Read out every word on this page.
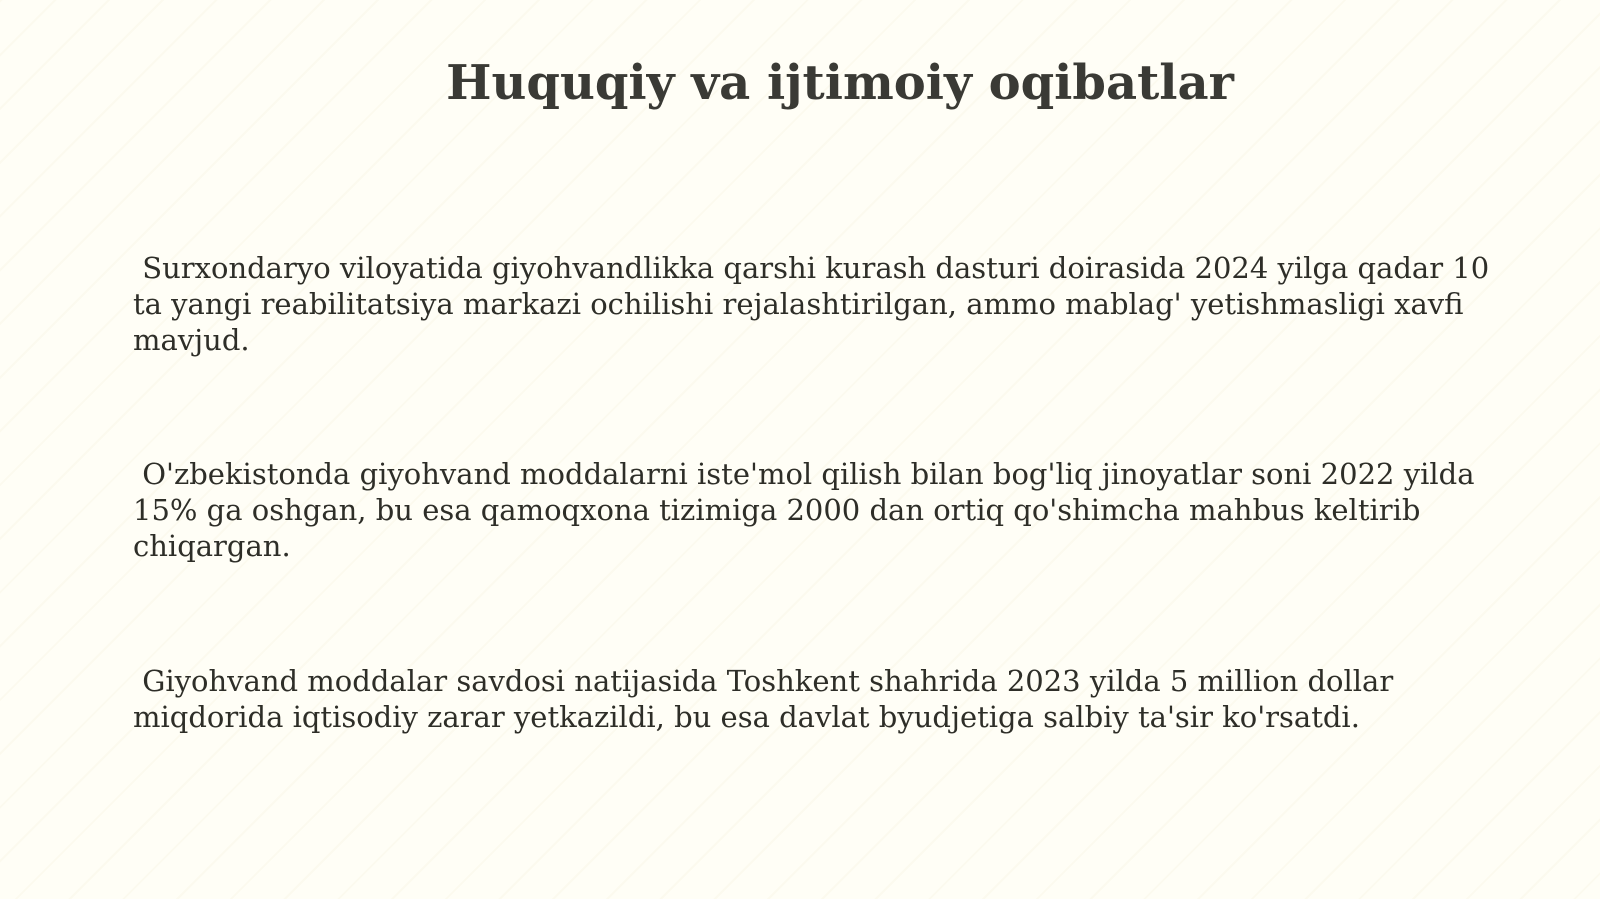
Huquqiy va ijtimoiy oqibatlar

Surxondaryo viloyatida giyohvandlikka qarshi kurash dasturi doirasida 2024 yilga qadar 10 ta yangi reabilitatsiya markazi ochilishi rejalashtirilgan, ammo mablag' yetishmasligi xavfi mavjud.

O'zbekistonda giyohvand moddalarni iste'mol qilish bilan bog'liq jinoyatlar soni 2022 yilda 15% ga oshgan, bu esa qamoqxona tizimiga 2000 dan ortiq qo'shimcha mahbus keltirib chiqargan.

Giyohvand moddalar savdosi natijasida Toshkent shahrida 2023 yilda 5 million dollar miqdorida iqtisodiy zarar yetkazildi, bu esa davlat byudjetiga salbiy ta'sir ko'rsatdi.
